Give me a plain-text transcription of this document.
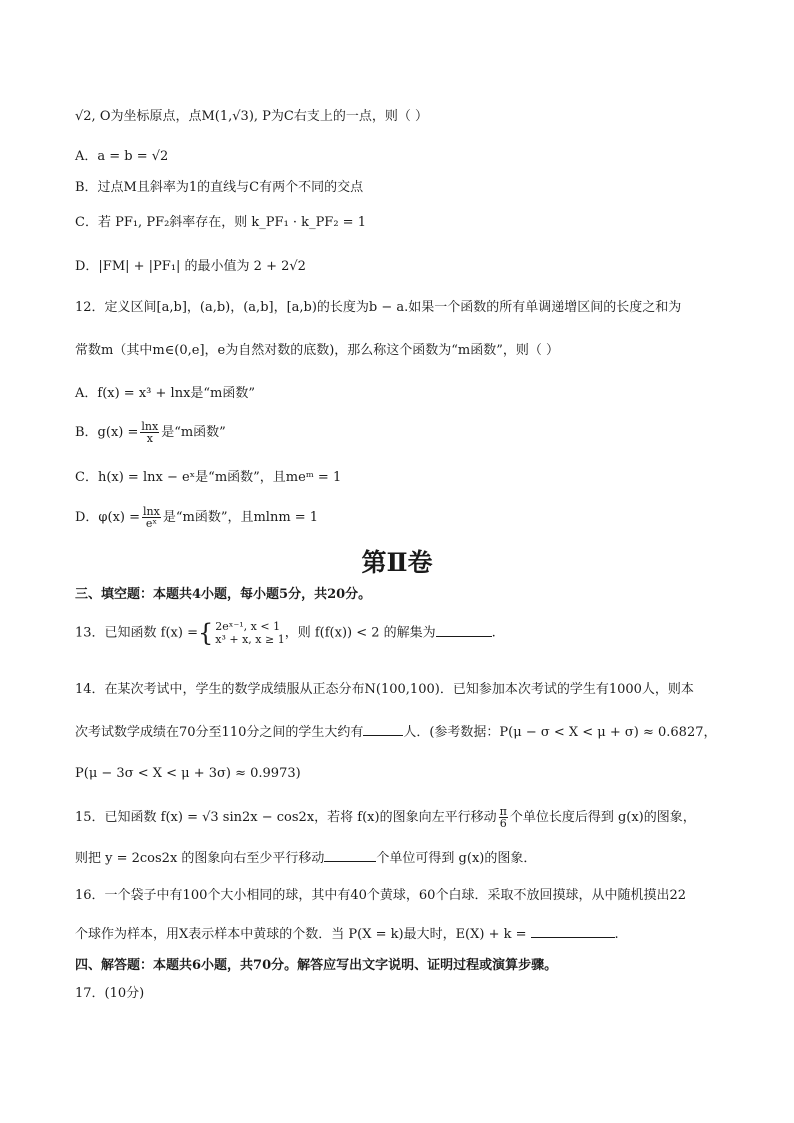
√2, O为坐标原点，点M(1,√3), P为C右支上的一点，则（ ）
A．a = b = √2
B．过点M且斜率为1的直线与C有两个不同的交点
C．若 PF₁, PF₂斜率存在，则 k_PF₁ · k_PF₂ = 1
D．|FM| + |PF₁| 的最小值为 2 + 2√2
12．定义区间[a,b]，(a,b)，(a,b]，[a,b)的长度为b − a.如果一个函数的所有单调递增区间的长度之和为
常数m（其中m∈(0,e]，e为自然对数的底数)，那么称这个函数为“m函数”，则（ ）
A．f(x) = x³ + lnx是“m函数”
B．$g(x) = \frac{\ln x}{x}$ 是“m函数”
C．h(x) = lnx − eˣ是“m函数”，且meᵐ = 1
D．$\varphi(x) = \frac{\ln x}{\text{eˣ}}$ 是“m函数”，且mlnm = 1
第Ⅱ卷
三、填空题：本题共4小题，每小题5分，共20分。
13．已知函数 f(x) ={ 2eˣ⁻¹, x < 1
x³ + x, x ≥ 1 ，则 f(f(x)) < 2 的解集为	.
14．在某次考试中，学生的数学成绩服从正态分布N(100,100)．已知参加本次考试的学生有1000人，则本
次考试数学成绩在70分至110分之间的学生大约有	人．(参考数据：P(μ − σ < X < μ + σ) ≈ 0.6827，
P(μ − 3σ < X < μ + 3σ) ≈ 0.9973)
15．已知函数 f(x) = √3 sin2x − cos2x，若将 f(x)的图象向左平行移动 $\frac{\pi}{6}$ 个单位长度后得到 g(x)的图象，
则把 y = 2cos2x 的图象向右至少平行移动	个单位可得到 g(x)的图象．
16．一个袋子中有100个大小相同的球，其中有40个黄球，60个白球．采取不放回摸球，从中随机摸出22
个球作为样本，用X表示样本中黄球的个数．当 P(X = k)最大时，E(X) + k =	.
四、解答题：本题共6小题，共70分。解答应写出文字说明、证明过程或演算步骤。
17．(10分)
